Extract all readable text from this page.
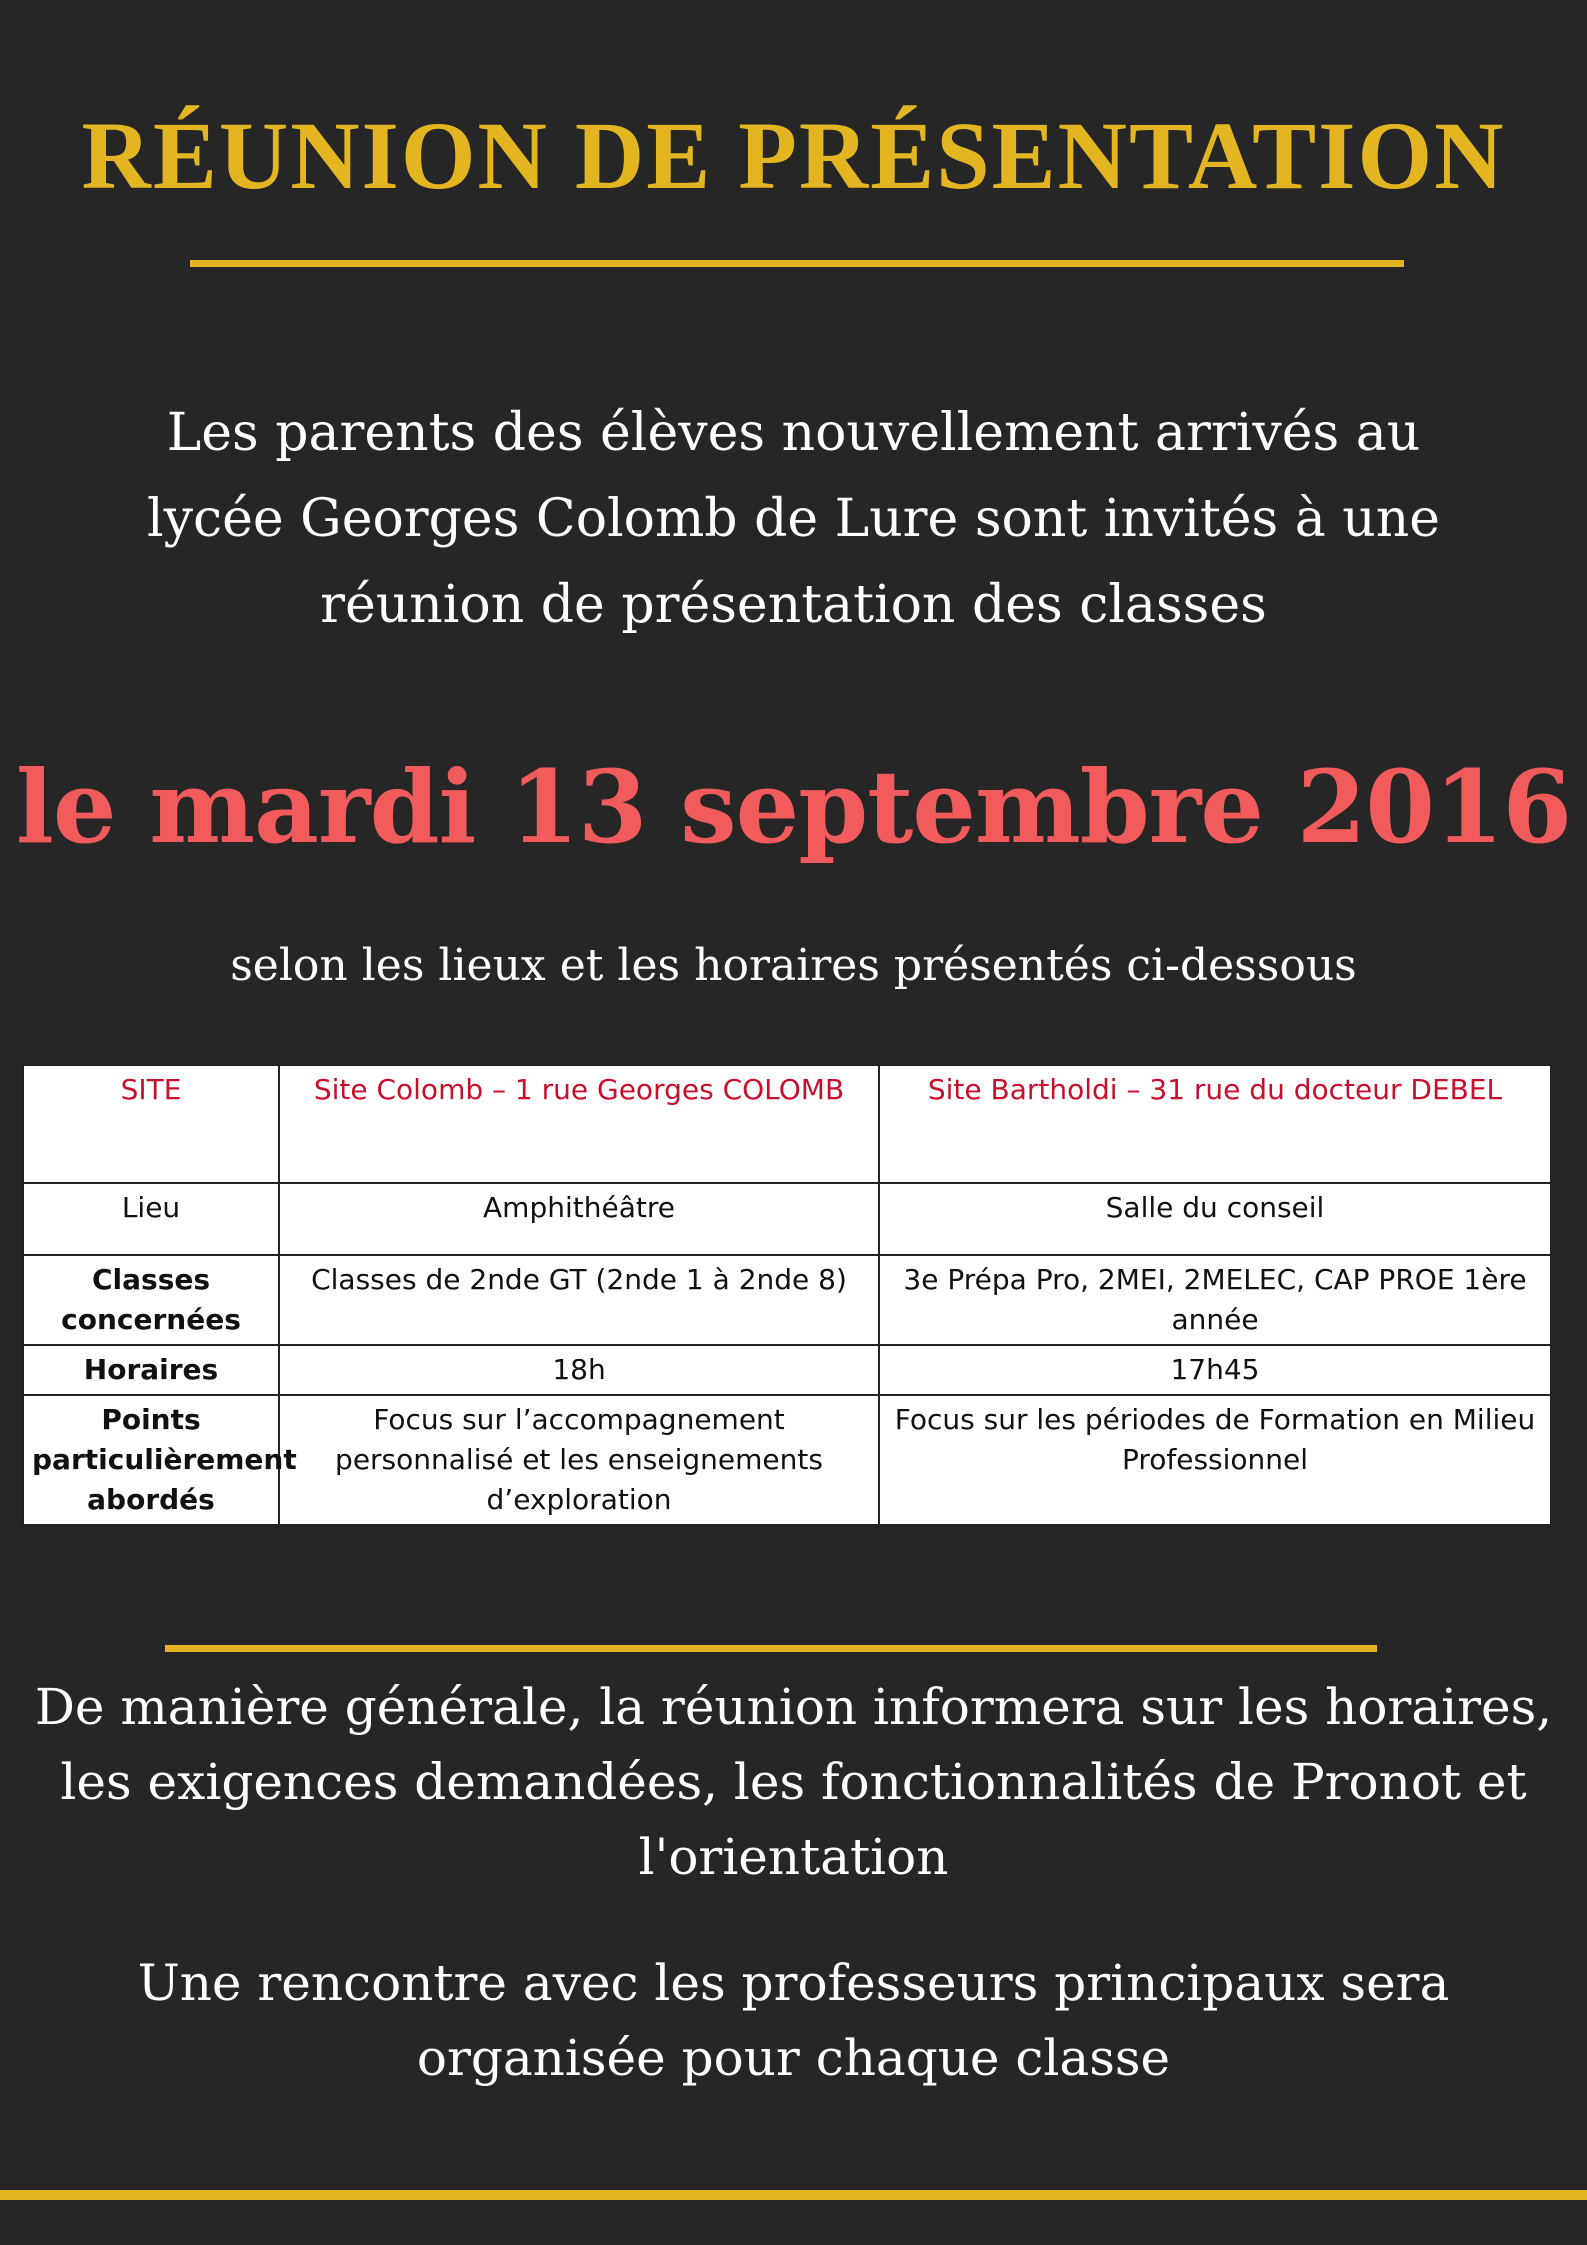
RÉUNION DE PRÉSENTATION
Les parents des élèves nouvellement arrivés au
lycée Georges Colomb de Lure sont invités à une
réunion de présentation des classes
le mardi 13 septembre 2016
selon les lieux et les horaires présentés ci-dessous
SITE	Site Colomb – 1 rue Georges COLOMB	Site Bartholdi – 31 rue du docteur DEBEL
Lieu	Amphithéâtre	Salle du conseil
Classes concernées	Classes de 2nde GT (2nde 1 à 2nde 8)	3e Prépa Pro, 2MEI, 2MELEC, CAP PROE 1ère année
Horaires	18h	17h45
Points particulièrement abordés	Focus sur l’accompagnement personnalisé et les enseignements d’exploration	Focus sur les périodes de Formation en Milieu Professionnel
De manière générale, la réunion informera sur les horaires,
les exigences demandées, les fonctionnalités de Pronot et
l'orientation
Une rencontre avec les professeurs principaux sera
organisée pour chaque classe
